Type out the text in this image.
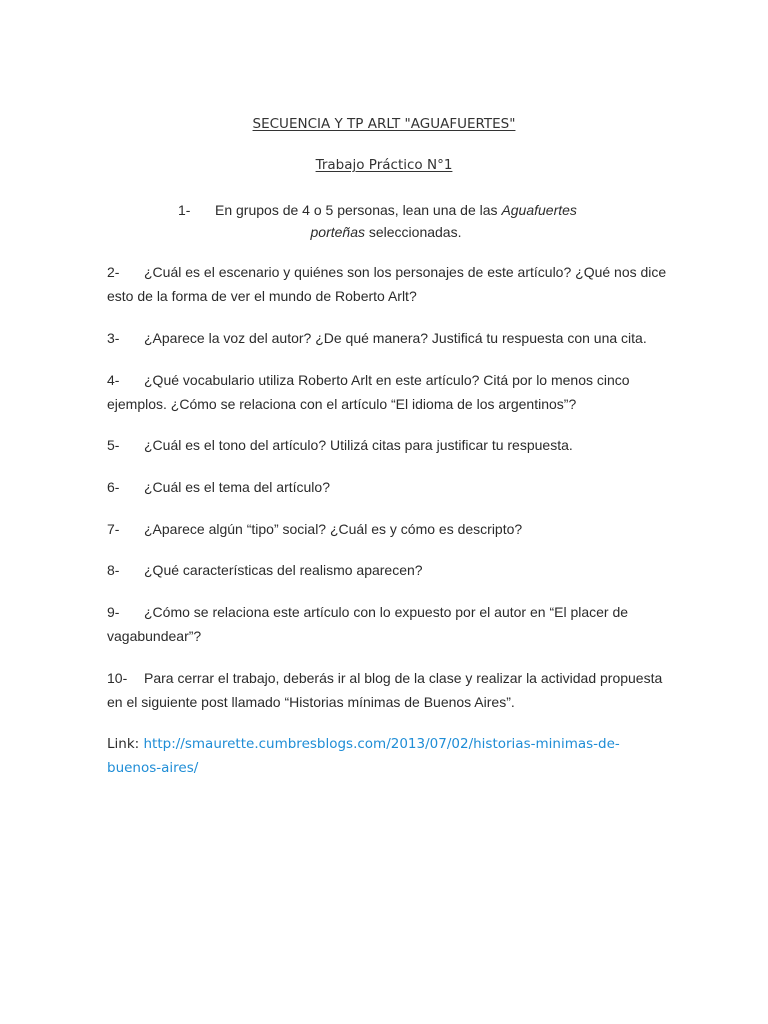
SECUENCIA Y TP ARLT "AGUAFUERTES"
Trabajo Práctico N°1
1- En grupos de 4 o 5 personas, lean una de las Aguafuertes
porteñas seleccionadas.
2- ¿Cuál es el escenario y quiénes son los personajes de este artículo? ¿Qué nos dice esto de la forma de ver el mundo de Roberto Arlt?
3- ¿Aparece la voz del autor? ¿De qué manera? Justificá tu respuesta con una cita.
4- ¿Qué vocabulario utiliza Roberto Arlt en este artículo? Citá por lo menos cinco ejemplos. ¿Cómo se relaciona con el artículo “El idioma de los argentinos”?
5- ¿Cuál es el tono del artículo? Utilizá citas para justificar tu respuesta.
6- ¿Cuál es el tema del artículo?
7- ¿Aparece algún “tipo” social? ¿Cuál es y cómo es descripto?
8- ¿Qué características del realismo aparecen?
9- ¿Cómo se relaciona este artículo con lo expuesto por el autor en “El placer de vagabundear”?
10- Para cerrar el trabajo, deberás ir al blog de la clase y realizar la actividad propuesta en el siguiente post llamado “Historias mínimas de Buenos Aires”.
Link: http://smaurette.cumbresblogs.com/2013/07/02/historias-minimas-de-buenos-aires/
